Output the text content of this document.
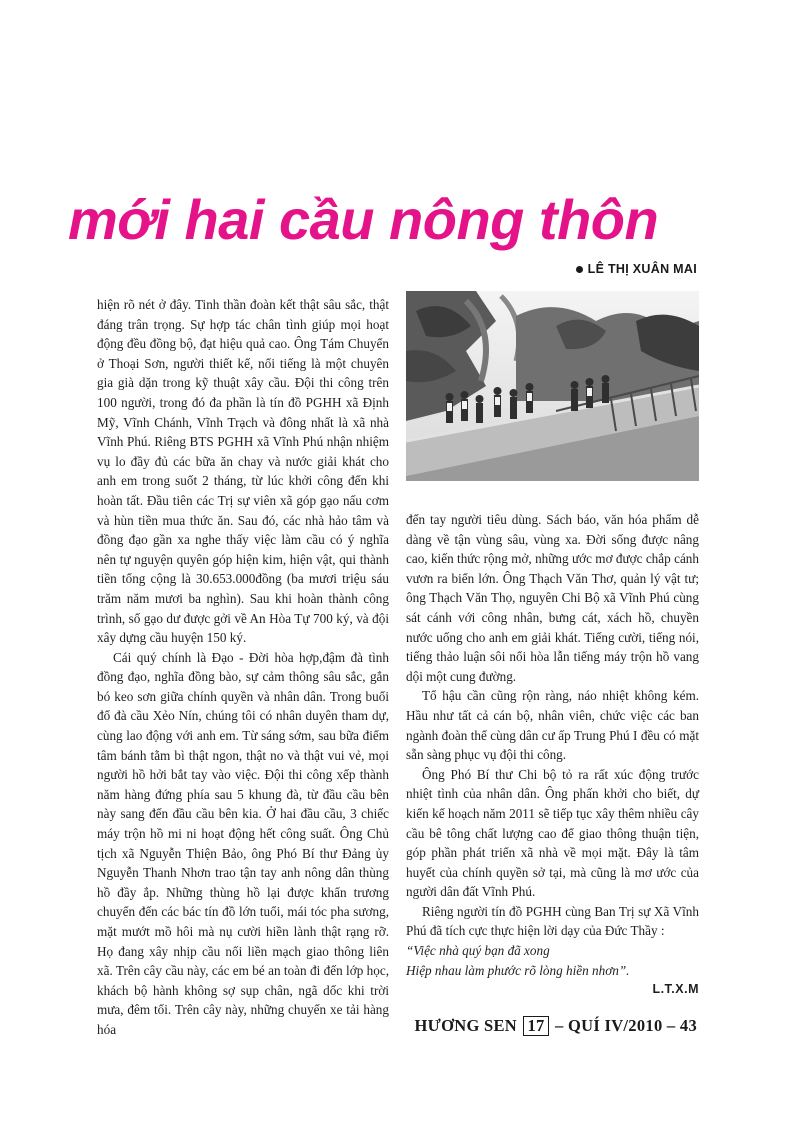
mới hai cầu nông thôn
LÊ THỊ XUÂN MAI

hiện rõ nét ở đây. Tinh thần đoàn kết thật sâu sắc, thật đáng trân trọng. Sự hợp tác chân tình giúp mọi hoạt động đều đồng bộ, đạt hiệu quả cao. Ông Tám Chuyển ở Thoại Sơn, người thiết kế, nổi tiếng là một chuyên gia già dặn trong kỹ thuật xây cầu. Đội thi công trên 100 người, trong đó đa phần là tín đồ PGHH xã Định Mỹ, Vĩnh Chánh, Vĩnh Trạch và đông nhất là xã nhà Vĩnh Phú. Riêng BTS PGHH xã Vĩnh Phú nhận nhiệm vụ lo đầy đủ các bữa ăn chay và nước giải khát cho anh em trong suốt 2 tháng, từ lúc khởi công đến khi hoàn tất. Đầu tiên các Trị sự viên xã góp gạo nấu cơm và hùn tiền mua thức ăn. Sau đó, các nhà hảo tâm và đồng đạo gần xa nghe thấy việc làm cầu có ý nghĩa nên tự nguyện quyên góp hiện kim, hiện vật, qui thành tiền tổng cộng là 30.653.000đồng (ba mươi triệu sáu trăm năm mươi ba nghìn). Sau khi hoàn thành công trình, số gạo dư được gởi về An Hòa Tự 700 ký, và đội xây dựng cầu huyện 150 ký.

Cái quý chính là Đạo - Đời hòa hợp,đậm đà tình đồng đạo, nghĩa đồng bào, sự cảm thông sâu sắc, gắn bó keo sơn giữa chính quyền và nhân dân. Trong buổi đổ đà cầu Xẻo Nín, chúng tôi có nhân duyên tham dự, cùng lao động với anh em. Từ sáng sớm, sau bữa điểm tâm bánh tằm bì thật ngon, thật no và thật vui vẻ, mọi người hồ hởi bắt tay vào việc. Đội thi công xếp thành năm hàng đứng phía sau 5 khung đà, từ đầu cầu bên này sang đến đầu cầu bên kia. Ở hai đầu cầu, 3 chiếc máy trộn hồ mi ni hoạt động hết công suất. Ông Chủ tịch xã Nguyễn Thiện Bảo, ông Phó Bí thư Đảng ủy Nguyễn Thanh Nhơn trao tận tay anh nông dân thùng hồ đầy ắp. Những thùng hồ lại được khẩn trương chuyển đến các bác tín đồ lớn tuổi, mái tóc pha sương, mặt mướt mồ hôi mà nụ cười hiền lành thật rạng rỡ. Họ đang xây nhịp cầu nối liền mạch giao thông liên xã. Trên cây cầu này, các em bé an toàn đi đến lớp học, khách bộ hành không sợ sụp chân, ngã dốc khi trời mưa, đêm tối. Trên cây này, những chuyến xe tải hàng hóa

đến tay người tiêu dùng. Sách báo, văn hóa phẩm dễ dàng về tận vùng sâu, vùng xa. Đời sống được nâng cao, kiến thức rộng mở, những ước mơ được chắp cánh vươn ra biển lớn. Ông Thạch Văn Thơ, quản lý vật tư; ông Thạch Văn Thọ, nguyên Chi Bộ xã Vĩnh Phú cùng sát cánh với công nhân, bưng cát, xách hồ, chuyền nước uống cho anh em giải khát. Tiếng cười, tiếng nói, tiếng thảo luận sôi nổi hòa lẫn tiếng máy trộn hồ vang dội một cung đường.

Tổ hậu cần cũng rộn ràng, náo nhiệt không kém. Hầu như tất cả cán bộ, nhân viên, chức việc các ban ngành đoàn thể cùng dân cư ấp Trung Phú I đều có mặt sẵn sàng phục vụ đội thi công.

Ông Phó Bí thư Chi bộ tỏ ra rất xúc động trước nhiệt tình của nhân dân. Ông phấn khởi cho biết, dự kiến kế hoạch năm 2011 sẽ tiếp tục xây thêm nhiều cây cầu bê tông chất lượng cao để giao thông thuận tiện, góp phần phát triển xã nhà về mọi mặt. Đây là tâm huyết của chính quyền sở tại, mà cũng là mơ ước của người dân đất Vĩnh Phú.

Riêng người tín đồ PGHH cùng Ban Trị sự Xã Vĩnh Phú đã tích cực thực hiện lời dạy của Đức Thầy :

“Việc nhà quý bạn đã xong

Hiệp nhau làm phước rõ lòng hiền nhơn”.

L.T.X.M

HƯƠNG SEN 17 – QUÍ IV/2010 – 43
